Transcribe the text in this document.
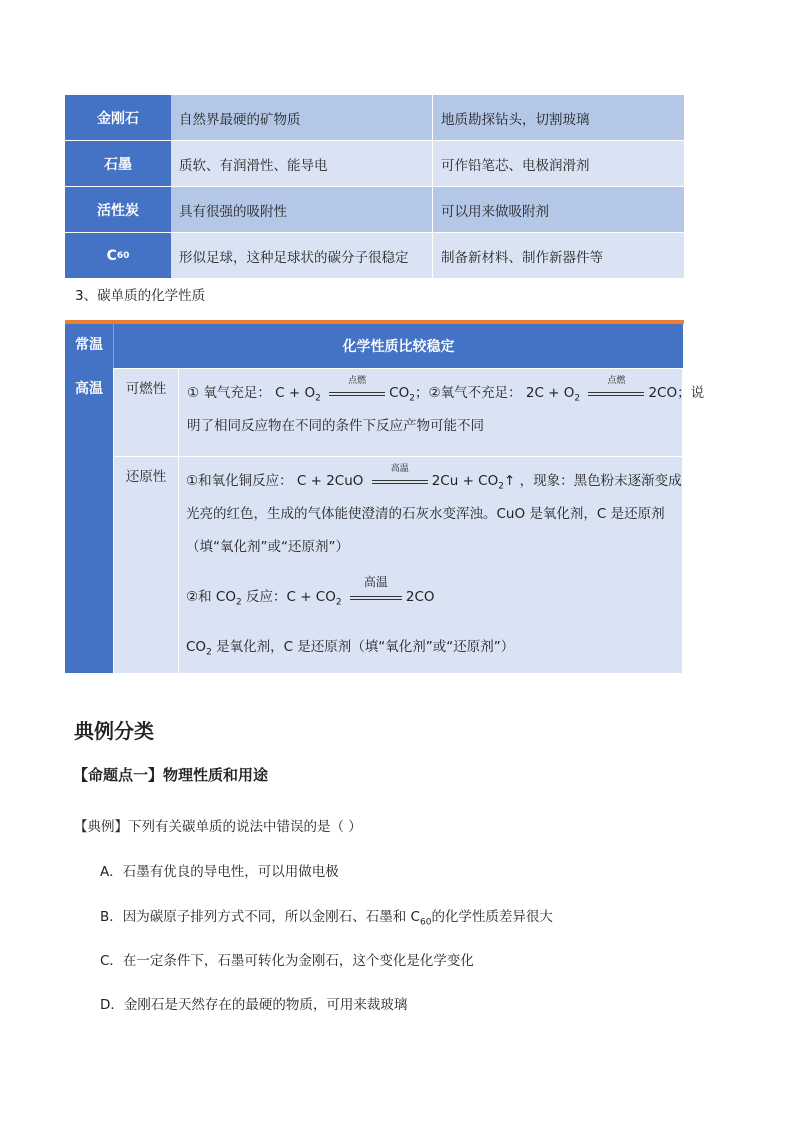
金刚石	自然界最硬的矿物质	地质勘探钻头，切割玻璃
石墨	质软、有润滑性、能导电	可作铅笔芯、电极润滑剂
活性炭	具有很强的吸附性	可以用来做吸附剂
C 60	形似足球，这种足球状的碳分子很稳定	制备新材料、制作新器件等
3、碳单质的化学性质
常温	化学性质比较稳定
高温	可燃性	① 氧气充足： $C + O_2$
点燃
$CO_2$；②氧气不充足： $2C + O_2$
点燃
2CO；说
明了相同反应物在不同的条件下反应产物可能不同
还原性	①和氧化铜反应： C + 2CuO
高温
$2Cu + CO_2↑$ ，现象：黑色粉末逐渐变成
光亮的红色，生成的气体能使澄清的石灰水变浑浊。CuO 是氧化剂，C 是还原剂
（填“氧化剂”或“还原剂”）
②和 $CO_2$ 反应：$C + CO_2$
高温
2CO
$CO_2$ 是氧化剂，C 是还原剂（填“氧化剂”或“还原剂”）
典例分类
【命题点一】物理性质和用途
【典例】下列有关碳单质的说法中错误的是（ ）
A．石墨有优良的导电性，可以用做电极
B．因为碳原子排列方式不同，所以金刚石、石墨和 $C_{60}$的化学性质差异很大
C．在一定条件下，石墨可转化为金刚石，这个变化是化学变化
D．金刚石是天然存在的最硬的物质，可用来裁玻璃
